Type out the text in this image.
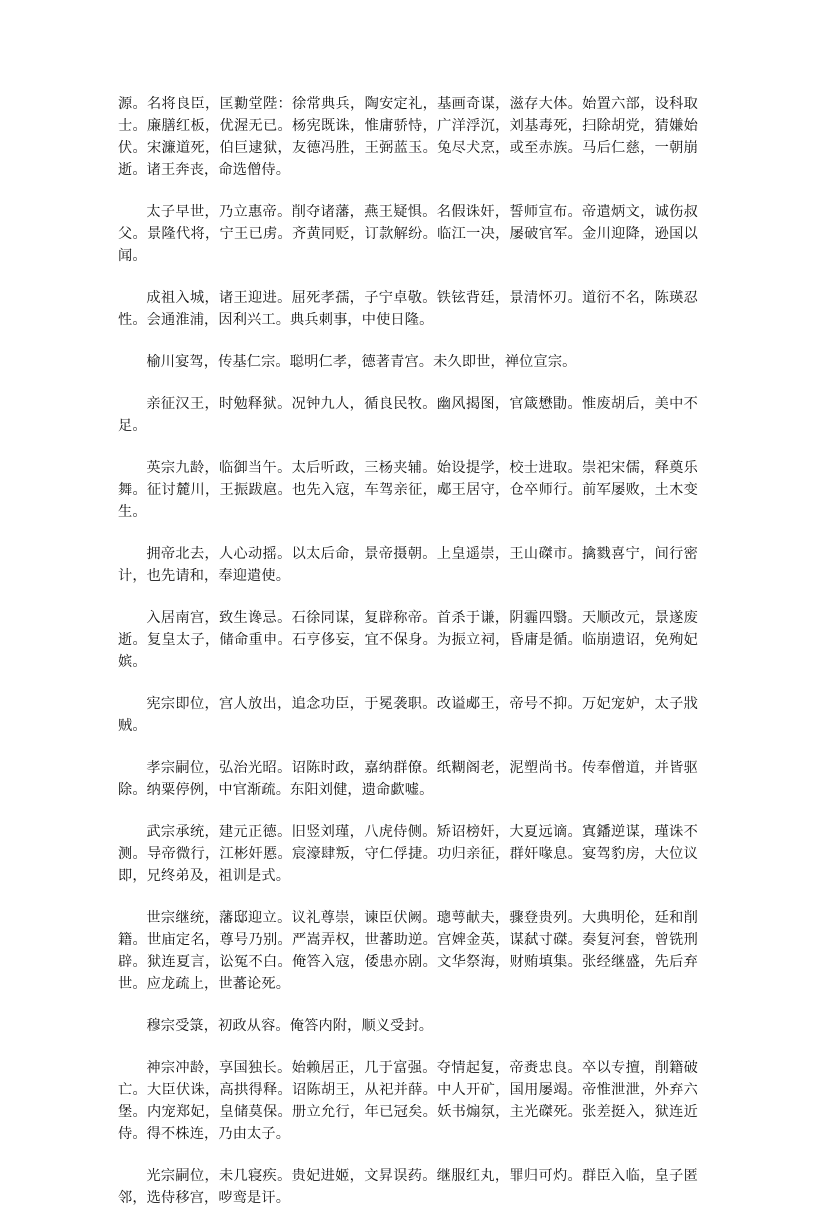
源。名将良臣，匡勷堂陛：徐常典兵，陶安定礼，基画奇谋，滋存大体。始置六部，设科取士。廉膳红板，优渥无已。杨宪既诛，惟庸骄恃，广洋浮沉，刘基毒死，扫除胡党，猜嫌始伏。宋濂道死，伯巨逮狱，友德冯胜，王弼蓝玉。兔尽犬烹，或至赤族。马后仁慈，一朝崩逝。诸王奔丧，命选僧侍。

太子早世，乃立惠帝。削夺诸藩，燕王疑惧。名假诛奸，誓师宣布。帝遣炳文，诚伤叔父。景隆代将，宁王已虏。齐黄同贬，订款解纷。临江一决，屡破官军。金川迎降，逊国以闻。

成祖入城，诸王迎进。屈死孝孺，子宁卓敬。铁铉背廷，景清怀刃。道衍不名，陈瑛忍性。会通淮浦，因利兴工。典兵刺事，中使日隆。

榆川宴驾，传基仁宗。聪明仁孝，德著青宫。未久即世，禅位宣宗。

亲征汉王，时勉释狱。况钟九人，循良民牧。幽风揭图，官箴懋勖。惟废胡后，美中不足。

英宗九龄，临御当午。太后听政，三杨夹辅。始设提学，校士进取。崇祀宋儒，释奠乐舞。征讨麓川，王振跋扈。也先入寇，车驾亲征，郕王居守，仓卒师行。前军屡败，土木变生。

拥帝北去，人心动摇。以太后命，景帝摄朝。上皇遥崇，王山磔市。擒戮喜宁，间行密计，也先请和，奉迎遣使。

入居南宫，致生谗忌。石徐同谋，复辟称帝。首杀于谦，阴霾四翳。天顺改元，景遂废逝。复皇太子，储命重申。石亨侈妄，宜不保身。为振立祠，昏庸是循。临崩遗诏，免殉妃嫔。

宪宗即位，宫人放出，追念功臣，于冕袭职。改谥郕王，帝号不抑。万妃宠妒，太子戕贼。

孝宗嗣位，弘治光昭。诏陈时政，嘉纳群僚。纸糊阁老，泥塑尚书。传奉僧道，并皆驱除。纳粟停例，中官渐疏。东阳刘健，遗命歔嘘。

武宗承统，建元正德。旧竖刘瑾，八虎侍侧。矫诏榜奸，大夏远谪。寘鐇逆谋，瑾诛不测。导帝微行，江彬奸慝。宸濠肆叛，守仁俘捷。功归亲征，群奸喙息。宴驾豹房，大位议即，兄终弟及，祖训是式。

世宗继统，藩邸迎立。议礼尊崇，谏臣伏阙。璁萼献夫，骤登贵列。大典明伦，廷和削籍。世庙定名，尊号乃别。严嵩弄权，世蕃助逆。宫婢金英，谋弑寸磔。奏复河套，曾铣刑辟。狱连夏言，讼冤不白。俺答入寇，倭患亦剧。文华祭海，财贿填集。张经继盛，先后弃世。应龙疏上，世蕃论死。

穆宗受箓，初政从容。俺答内附，顺义受封。

神宗冲龄，享国独长。始赖居正，几于富强。夺情起复，帝赉忠良。卒以专擅，削籍破亡。大臣伏诛，高拱得释。诏陈胡王，从祀并薛。中人开矿，国用屡竭。帝惟泄泄，外弃六堡。内宠郑妃，皇储莫保。册立允行，年已冠矣。妖书煽氛，主光磔死。张差挺入，狱连近侍。得不株连，乃由太子。

光宗嗣位，未几寝疾。贵妃进姬，文昇误药。继服红丸，罪归可灼。群臣入临，皇子匿邻，选侍移宫，哕鸾是讦。
